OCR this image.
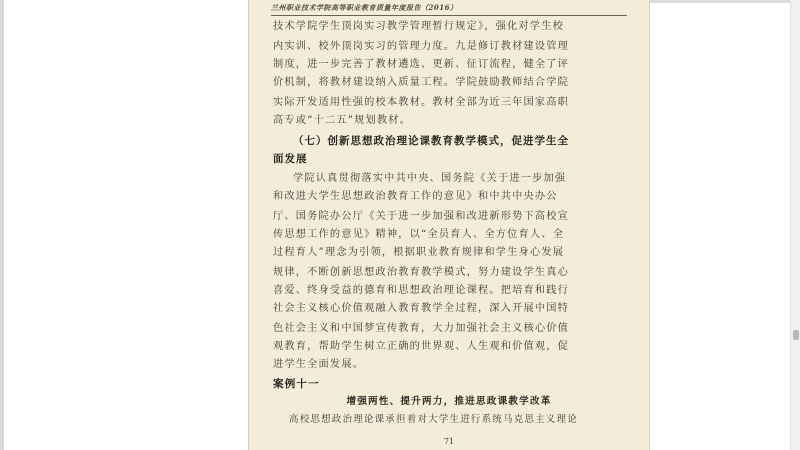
兰州职业技术学院高等职业教育质量年度报告（2016）
技术学院学生顶岗实习教学管理暂行规定》，强化对学生校
内实训、校外顶岗实习的管理力度。九是修订教材建设管理
制度，进一步完善了教材遴选、更新、征订流程，健全了评
价机制，将教材建设纳入质量工程。学院鼓励教师结合学院
实际开发适用性强的校本教材。教材全部为近三年国家高职
高专或“十二五”规划教材。
（七）创新思想政治理论课教育教学模式，促进学生全
面发展
学院认真贯彻落实中共中央、国务院《关于进一步加强
和改进大学生思想政治教育工作的意见》和中共中央办公
厅、国务院办公厅《关于进一步加强和改进新形势下高校宣
传思想工作的意见》精神，以“全员育人、全方位育人、全
过程育人”理念为引领，根据职业教育规律和学生身心发展
规律，不断创新思想政治教育教学模式，努力建设学生真心
喜爱、终身受益的德育和思想政治理论课程。把培育和践行
社会主义核心价值观融入教育教学全过程，深入开展中国特
色社会主义和中国梦宣传教育，大力加强社会主义核心价值
观教育，帮助学生树立正确的世界观、人生观和价值观，促
进学生全面发展。
案例十一
增强两性、提升两力，推进思政课教学改革
高校思想政治理论课承担着对大学生进行系统马克思主义理论
71
